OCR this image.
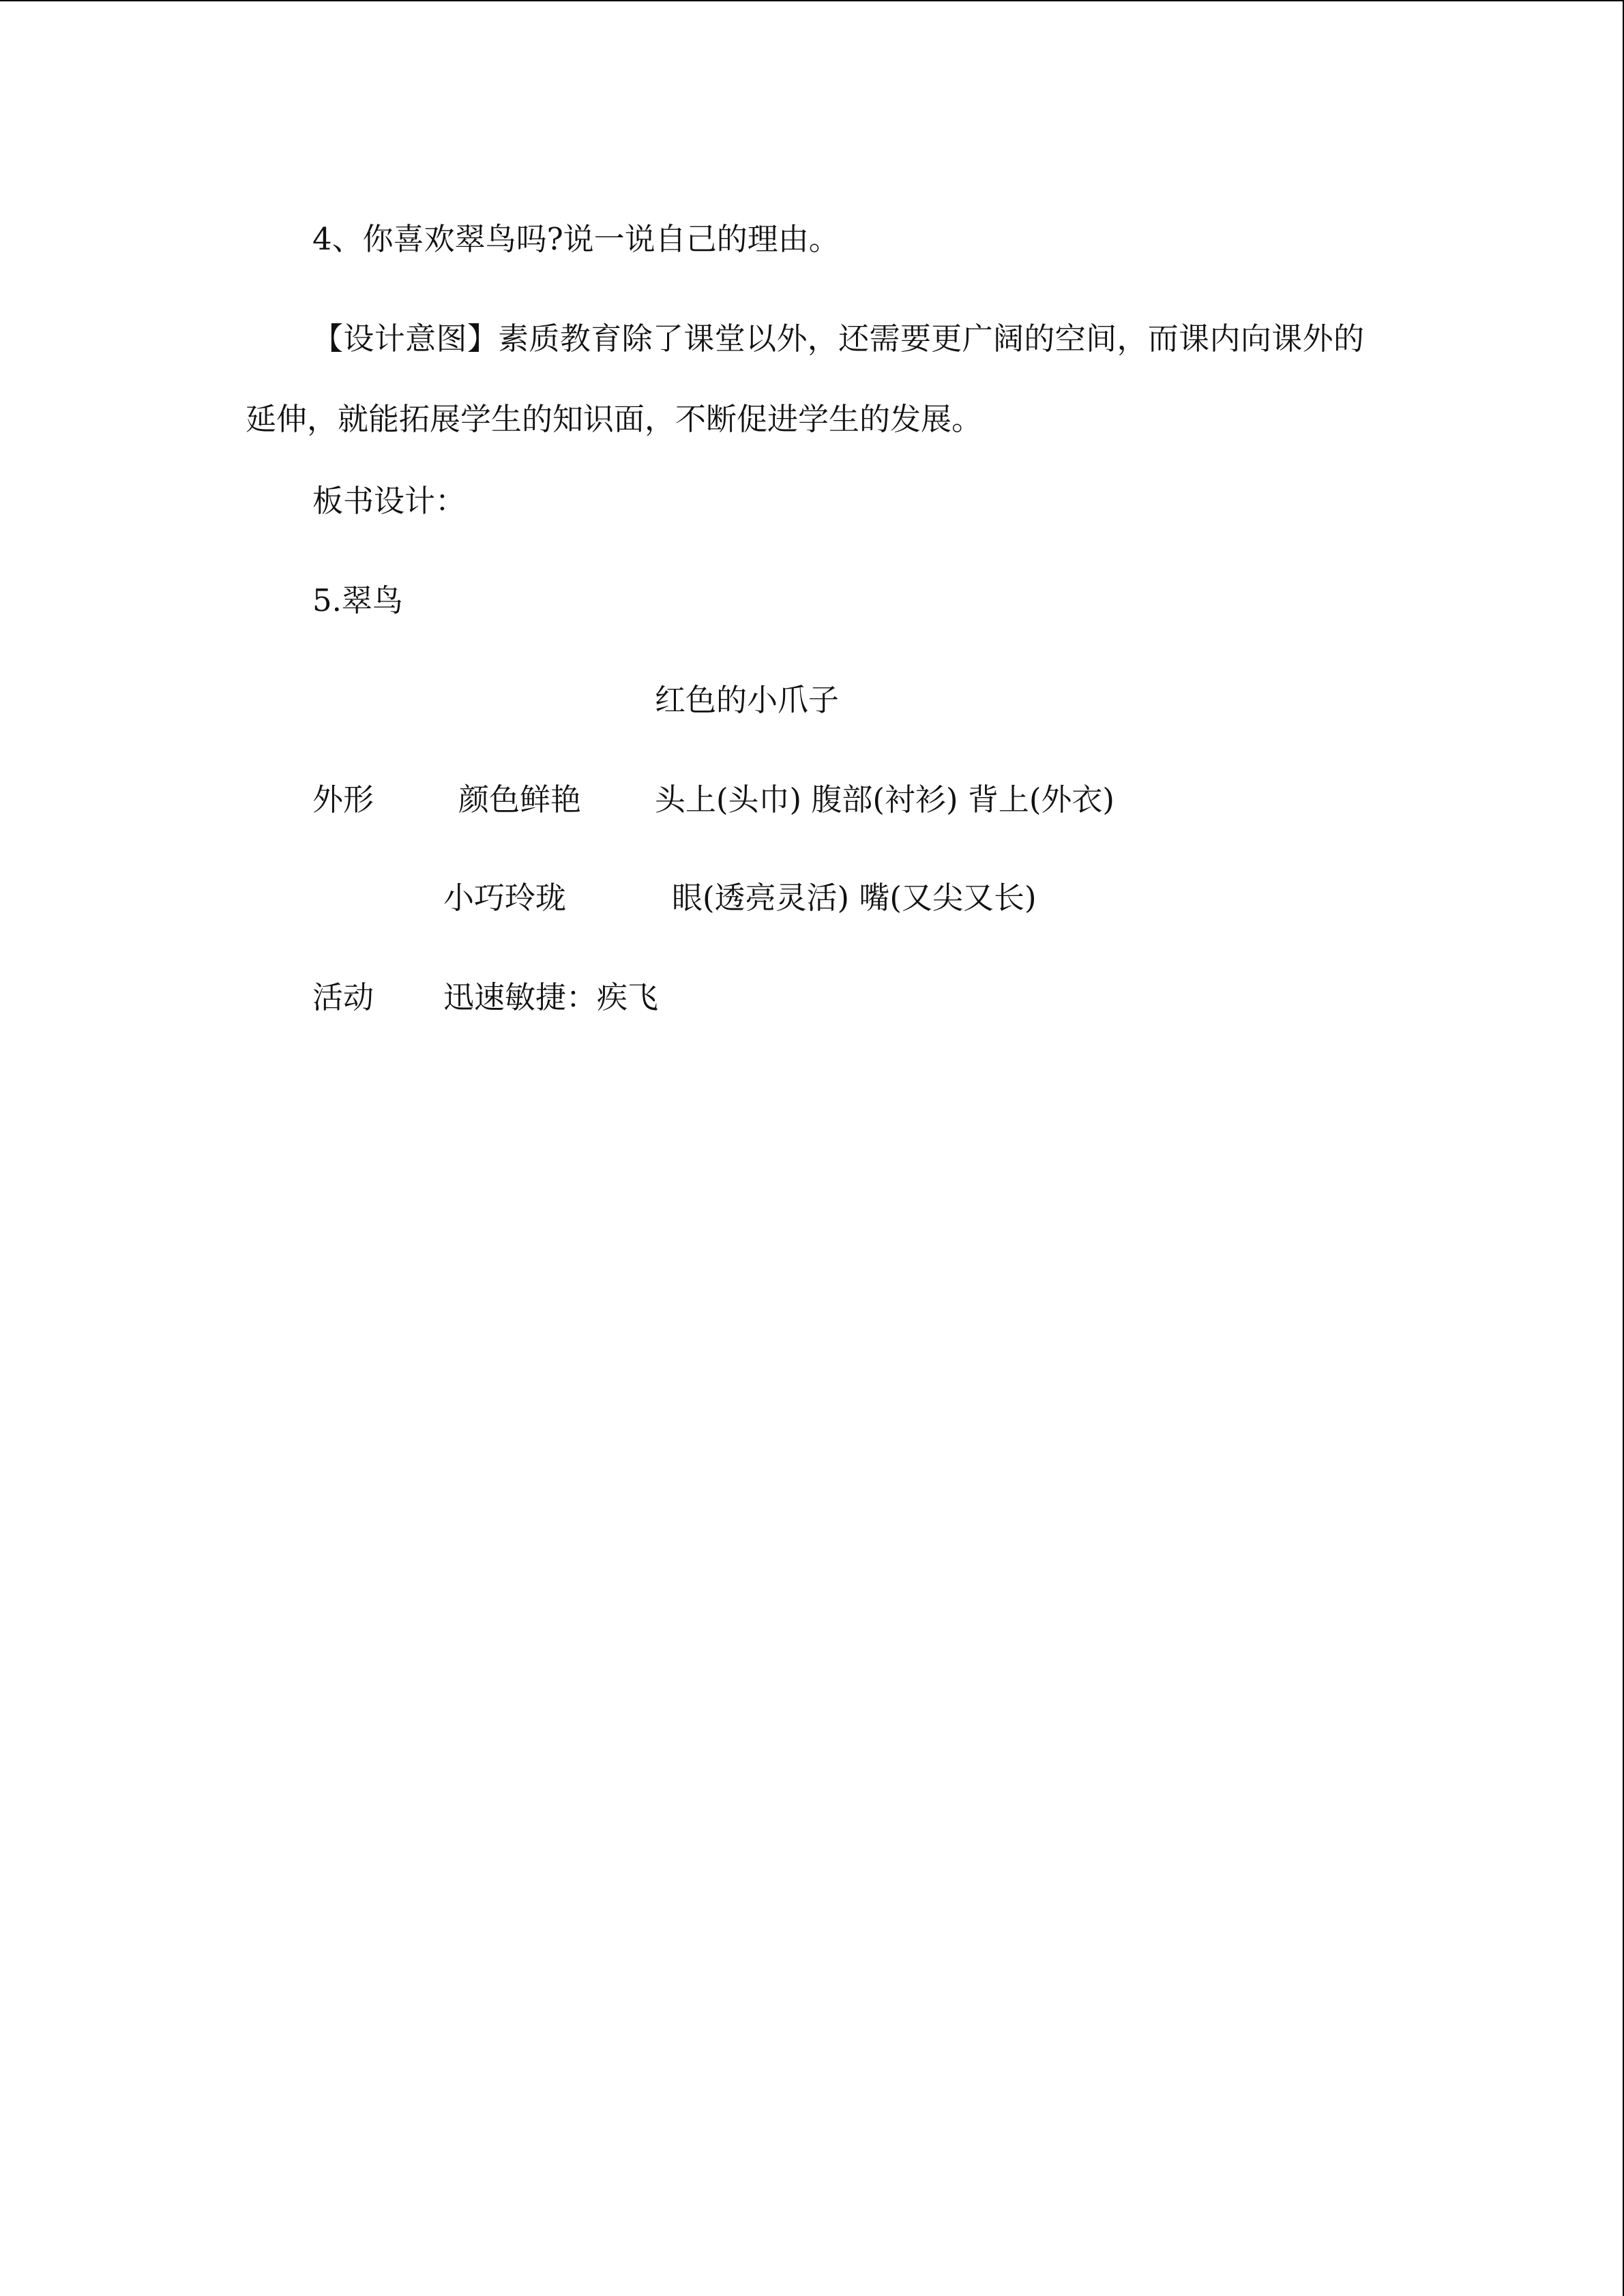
4、你喜欢翠鸟吗?说一说自己的理由。
【设计意图】素质教育除了课堂以外，还需要更广阔的空间，而课内向课外的延伸，就能拓展学生的知识面，不断促进学生的发展。
板书设计：
5.翠鸟
红色的小爪子
外形	颜色鲜艳 头上(头巾) 腹部(衬衫) 背上(外衣)
小巧玲珑	眼(透亮灵活) 嘴(又尖又长)
活动 迅速敏捷：疾飞
